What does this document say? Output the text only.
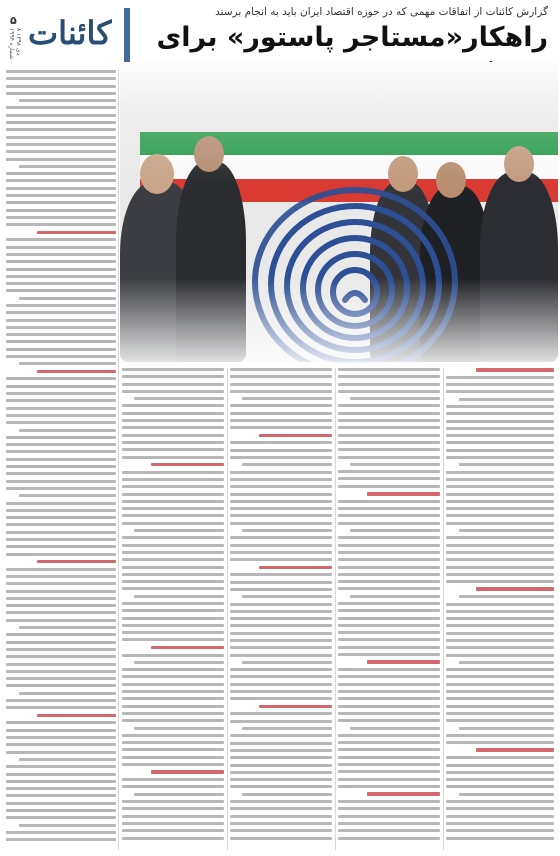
کائنات
۵
۸ دی ۱۳۹۸ شماره ۱۹۹۴
گزارش کائنات از اتفاقات مهمی که در حوزه اقتصاد ایران باید به انجام برسند
راهکار«مستاجر پاستور» برای
